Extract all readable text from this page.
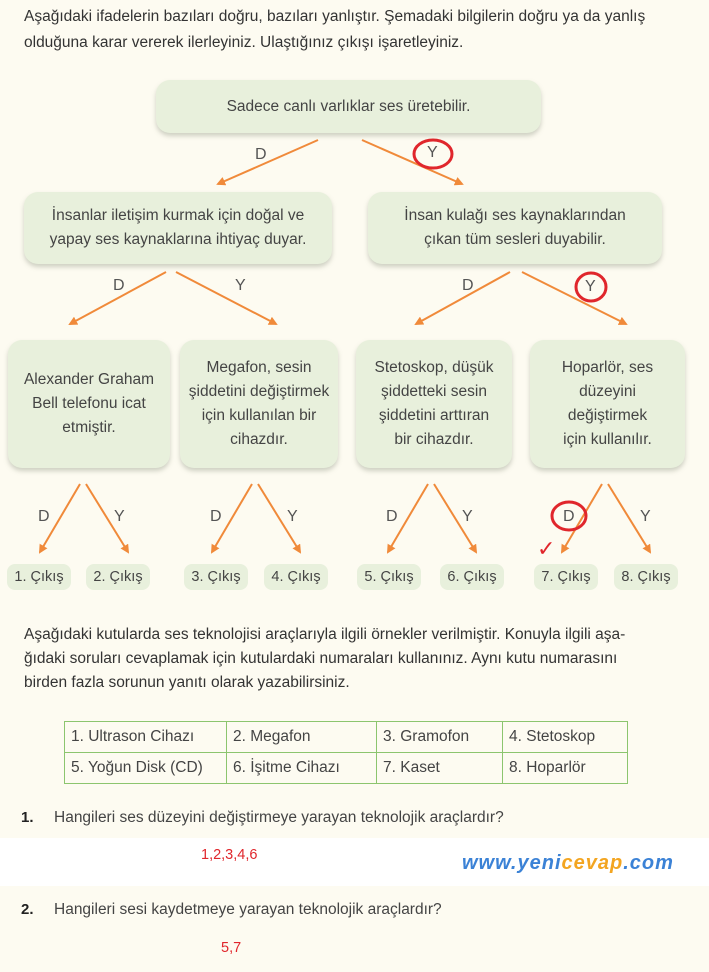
Aşağıdaki ifadelerin bazıları doğru, bazıları yanlıştır. Şemadaki bilgilerin doğru ya da yanlış

olduğuna karar vererek ilerleyiniz. Ulaştığınız çıkışı işaretleyiniz.

Sadece canlı varlıklar ses üretebilir.
D	Y
İnsanlar iletişim kurmak için doğal ve
yapay ses kaynaklarına ihtiyaç duyar.
İnsan kulağı ses kaynaklarından
çıkan tüm sesleri duyabilir.
D	Y	D	Y
Alexander Graham
Bell telefonu icat
etmiştir.
Megafon, sesin
şiddetini değiştirmek
için kullanılan bir
cihazdır.
Stetoskop, düşük
şiddetteki sesin
şiddetini arttıran
bir cihazdır.
Hoparlör, ses
düzeyini değiştirmek
için kullanılır.
D	Y	D	Y	D	Y	D	Y
✓
1. Çıkış	2. Çıkış	3. Çıkış	4. Çıkış	5. Çıkış	6. Çıkış	7. Çıkış	8. Çıkış

Aşağıdaki kutularda ses teknolojisi araçlarıyla ilgili örnekler verilmiştir. Konuyla ilgili aşa-

ğıdaki soruları cevaplamak için kutulardaki numaraları kullanınız. Aynı kutu numarasını

birden fazla sorunun yanıtı olarak yazabilirsiniz.

1. Ultrason Cihazı	2. Megafon	3. Gramofon	4. Stetoskop
5. Yoğun Disk (CD)	6. İşitme Cihazı	7. Kaset	8. Hoparlör
1. Hangileri ses düzeyini değiştirmeye yarayan teknolojik araçlardır?
1,2,3,4,6	www.yenicevap.com
2. Hangileri sesi kaydetmeye yarayan teknolojik araçlardır?
5,7
